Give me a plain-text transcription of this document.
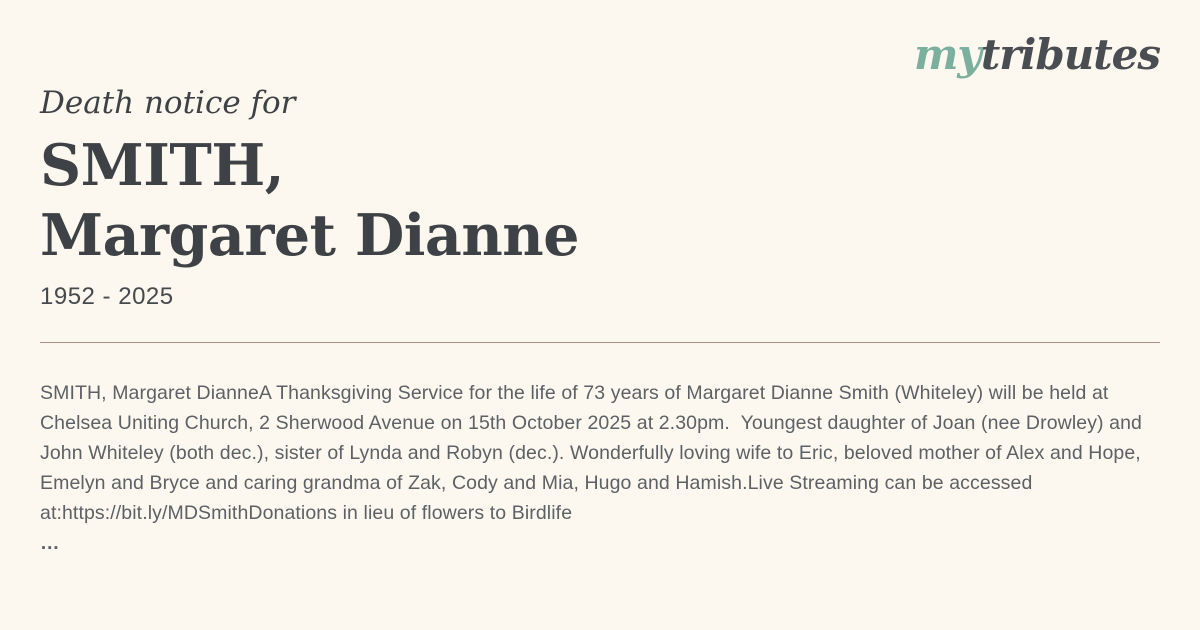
mytributes
Death notice for
SMITH,
Margaret Dianne
1952 - 2025

SMITH, Margaret DianneA Thanksgiving Service for the life of 73 years of Margaret Dianne Smith (Whiteley) will be held at Chelsea Uniting Church, 2 Sherwood Avenue on 15th October 2025 at 2.30pm.  Youngest daughter of Joan (nee Drowley) and John Whiteley (both dec.), sister of Lynda and Robyn (dec.). Wonderfully loving wife to Eric, beloved mother of Alex and Hope, Emelyn and Bryce and caring grandma of Zak, Cody and Mia, Hugo and Hamish.Live Streaming can be accessed at:https://bit.ly/MDSmithDonations in lieu of flowers to Birdlife

…
